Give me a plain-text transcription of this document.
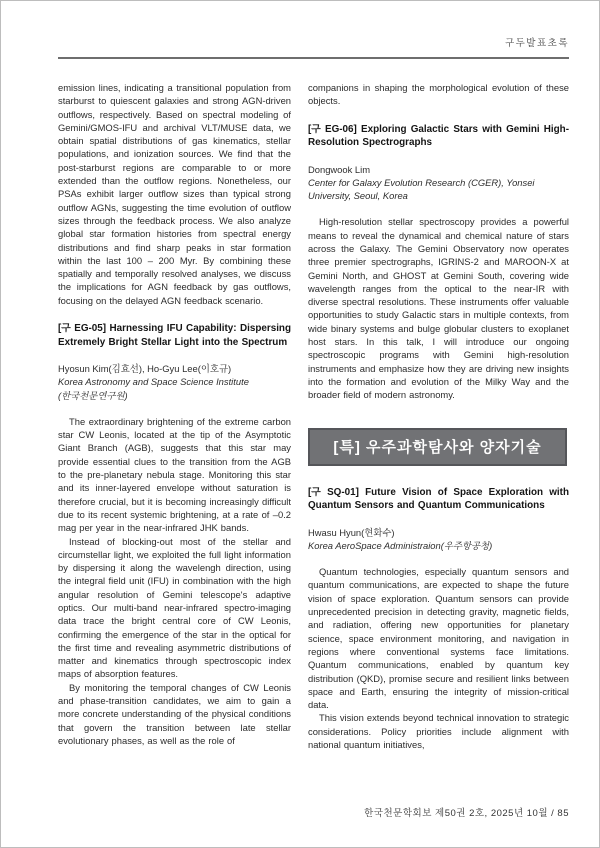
구두발표초록

emission lines, indicating a transitional population from starburst to quiescent galaxies and strong AGN-driven outflows, respectively. Based on spectral modeling of Gemini/GMOS-IFU and archival VLT/MUSE data, we obtain spatial distributions of gas kinematics, stellar populations, and ionization sources. We find that the post-starburst regions are comparable to or more extended than the outflow regions. Nonetheless, our PSAs exhibit larger outflow sizes than typical strong outflow AGNs, suggesting the time evolution of outflow sizes through the feedback process. We also analyze global star formation histories from spectral energy distributions and find sharp peaks in star formation within the last 100 – 200 Myr. By combining these spatially and temporally resolved analyses, we discuss the implications for AGN feedback by gas outflows, focusing on the delayed AGN feedback scenario.

[구 EG-05] Harnessing IFU Capability: Dispersing Extremely Bright Stellar Light into the Spectrum
Hyosun Kim(김효선), Ho-Gyu Lee(이호규)
Korea Astronomy and Space Science Institute
(한국천문연구원)

The extraordinary brightening of the extreme carbon star CW Leonis, located at the tip of the Asymptotic Giant Branch (AGB), suggests that this star may provide essential clues to the transition from the AGB to the pre-planetary nebula stage. Monitoring this star and its inner-layered envelope without saturation is therefore crucial, but it is becoming increasingly difficult due to its recent systemic brightening, at a rate of –0.2 mag per year in the near-infrared JHK bands.

Instead of blocking-out most of the stellar and circumstellar light, we exploited the full light information by dispersing it along the wavelengh direction, using the integral field unit (IFU) in combination with the high angular resolution of Gemini telescope's adaptive optics. Our multi-band near-infrared spectro-imaging data trace the bright central core of CW Leonis, confirming the emergence of the star in the optical for the first time and revealing asymmetric distributions of matter and kinematics through spectroscopic index maps of absorption features.

By monitoring the temporal changes of CW Leonis and phase-transition candidates, we aim to gain a more concrete understanding of the physical conditions that govern the transition between late stellar evolutionary phases, as well as the role of

companions in shaping the morphological evolution of these objects.

[구 EG-06] Exploring Galactic Stars with Gemini High-Resolution Spectrographs
Dongwook Lim
Center for Galaxy Evolution Research (CGER), Yonsei University, Seoul, Korea

High-resolution stellar spectroscopy provides a powerful means to reveal the dynamical and chemical nature of stars across the Galaxy. The Gemini Observatory now operates three premier spectrographs, IGRINS-2 and MAROON-X at Gemini North, and GHOST at Gemini South, covering wide wavelength ranges from the optical to the near-IR with diverse spectral resolutions. These instruments offer valuable opportunities to study Galactic stars in multiple contexts, from wide binary systems and bulge globular clusters to exoplanet host stars. In this talk, I will introduce our ongoing spectroscopic programs with Gemini high-resolution instruments and emphasize how they are driving new insights into the formation and evolution of the Milky Way and the broader field of modern astronomy.

[특] 우주과학탐사와 양자기술
[구 SQ-01] Future Vision of Space Exploration with Quantum Sensors and Quantum Communications
Hwasu Hyun(현화수)
Korea AeroSpace Administraion(우주항공청)

Quantum technologies, especially quantum sensors and quantum communications, are expected to shape the future vision of space exploration. Quantum sensors can provide unprecedented precision in detecting gravity, magnetic fields, and radiation, offering new opportunities for planetary science, space environment monitoring, and navigation in regions where conventional systems face limitations. Quantum communications, enabled by quantum key distribution (QKD), promise secure and resilient links between space and Earth, ensuring the integrity of mission-critical data.

This vision extends beyond technical innovation to strategic considerations. Policy priorities include alignment with national quantum initiatives,

한국천문학회보 제50권 2호, 2025년 10월 / 85
